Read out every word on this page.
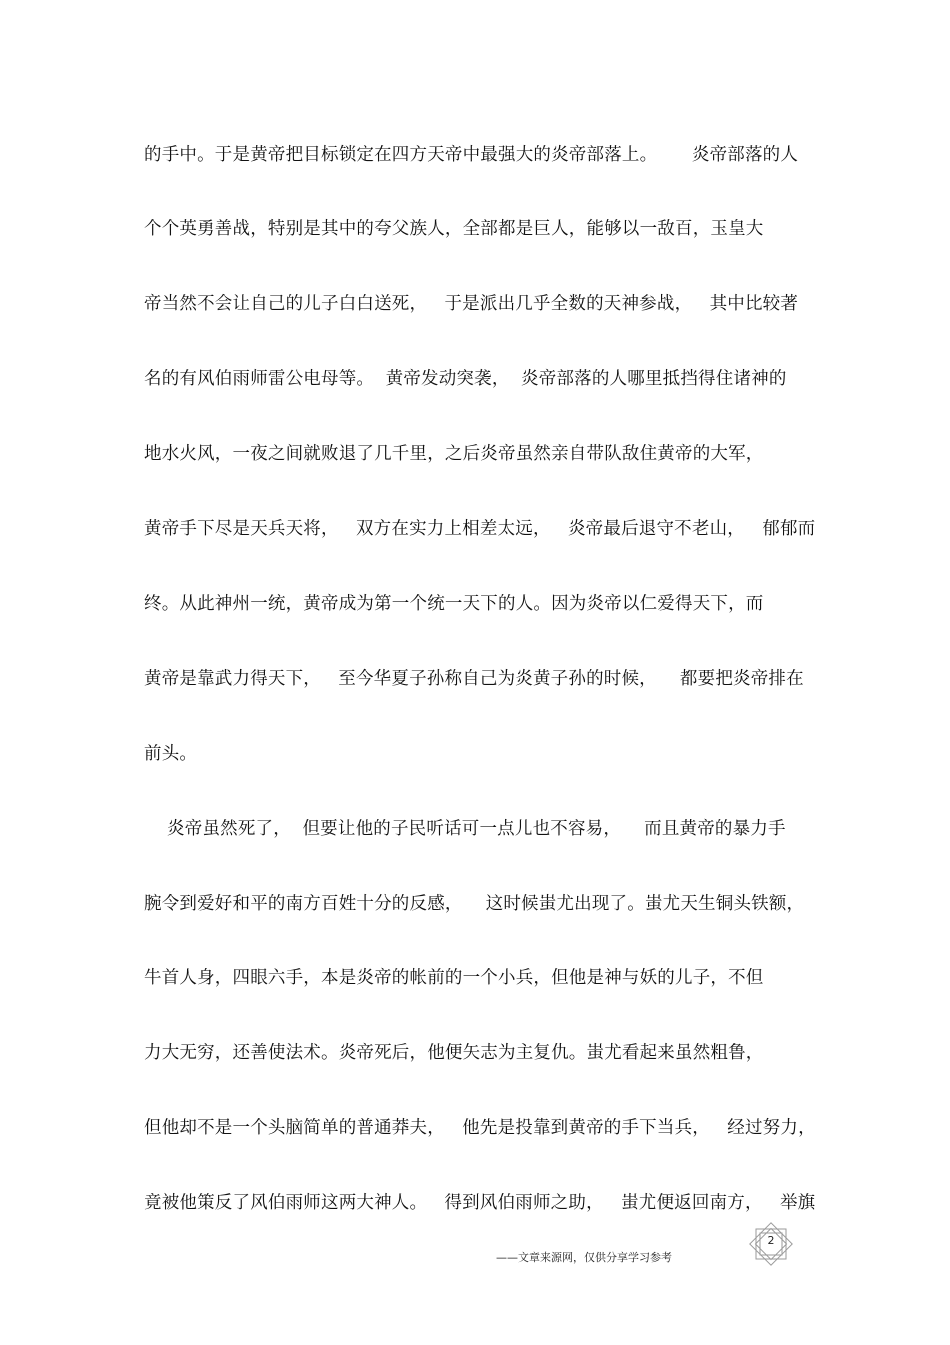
的手中。于是黄帝把目标锁定在四方天帝中最强大的炎帝部落上。      炎帝部落的人
个个英勇善战，特别是其中的夸父族人，全部都是巨人，能够以一敌百，玉皇大
帝当然不会让自己的儿子白白送死，   于是派出几乎全数的天神参战，   其中比较著
名的有风伯雨师雷公电母等。  黄帝发动突袭，  炎帝部落的人哪里抵挡得住诸神的
地水火风，一夜之间就败退了几千里，之后炎帝虽然亲自带队敌住黄帝的大军，
黄帝手下尽是天兵天将，   双方在实力上相差太远，   炎帝最后退守不老山，   郁郁而
终。从此神州一统，黄帝成为第一个统一天下的人。因为炎帝以仁爱得天下，而
黄帝是靠武力得天下，   至今华夏子孙称自己为炎黄子孙的时候，    都要把炎帝排在
前头。
炎帝虽然死了，  但要让他的子民听话可一点儿也不容易，    而且黄帝的暴力手
腕令到爱好和平的南方百姓十分的反感，    这时候蚩尤出现了。蚩尤天生铜头铁额，
牛首人身，四眼六手，本是炎帝的帐前的一个小兵，但他是神与妖的儿子，不但
力大无穷，还善使法术。炎帝死后，他便矢志为主复仇。蚩尤看起来虽然粗鲁，
但他却不是一个头脑简单的普通莽夫，   他先是投靠到黄帝的手下当兵，   经过努力，
竟被他策反了风伯雨师这两大神人。   得到风伯雨师之助，   蚩尤便返回南方，   举旗
——文章来源网，仅供分享学习参考
2
